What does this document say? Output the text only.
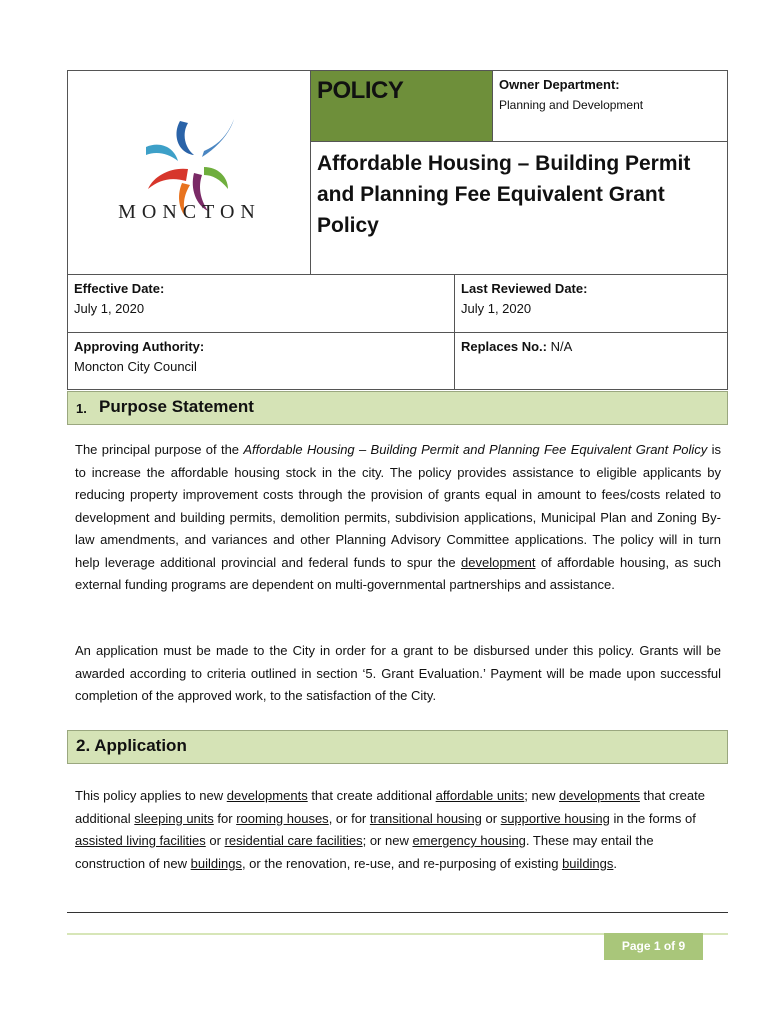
MONCTON
POLICY	Owner Department:
Planning and Development
Affordable Housing – Building Permit and Planning Fee Equivalent Grant Policy
Effective Date:
July 1, 2020
Last Reviewed Date:
July 1, 2020
Approving Authority:
Moncton City Council
Replaces No.: N/A
1. Purpose Statement

The principal purpose of the Affordable Housing – Building Permit and Planning Fee Equivalent Grant Policy is to increase the affordable housing stock in the city. The policy provides assistance to eligible applicants by reducing property improvement costs through the provision of grants equal in amount to fees/costs related to development and building permits, demolition permits, subdivision applications, Municipal Plan and Zoning By-law amendments, and variances and other Planning Advisory Committee applications. The policy will in turn help leverage additional provincial and federal funds to spur the development of affordable housing, as such external funding programs are dependent on multi-governmental partnerships and assistance.

An application must be made to the City in order for a grant to be disbursed under this policy. Grants will be awarded according to criteria outlined in section ‘5. Grant Evaluation.’ Payment will be made upon successful completion of the approved work, to the satisfaction of the City.

2. Application

This policy applies to new developments that create additional affordable units; new developments that create additional sleeping units for rooming houses, or for transitional housing or supportive housing in the forms of assisted living facilities or residential care facilities; or new emergency housing. These may entail the construction of new buildings, or the renovation, re-use, and re-purposing of existing buildings.

Page 1 of 9
